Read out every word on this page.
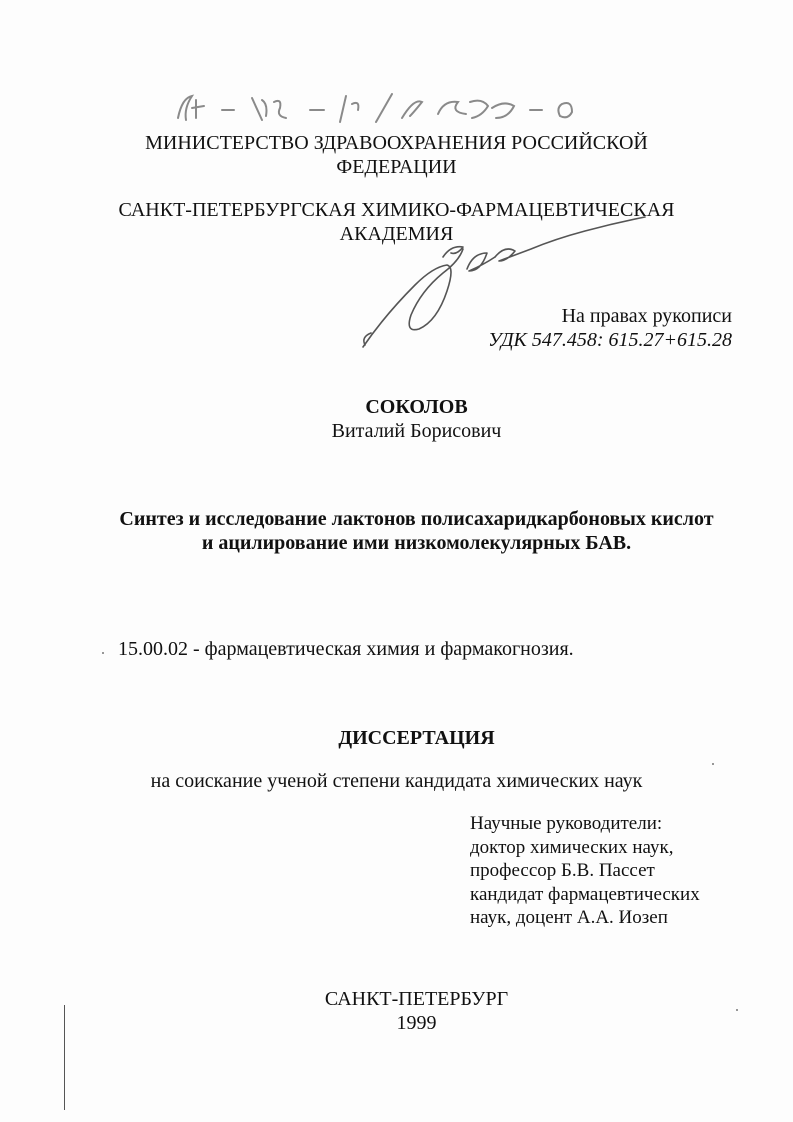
МИНИСТЕРСТВО ЗДРАВООХРАНЕНИЯ РОССИЙСКОЙ
ФЕДЕРАЦИИ
САНКТ-ПЕТЕРБУРГСКАЯ ХИМИКО-ФАРМАЦЕВТИЧЕСКАЯ
АКАДЕМИЯ
На правах рукописи
УДК 547.458: 615.27+615.28
СОКОЛОВ
Виталий Борисович
Синтез и исследование лактонов полисахаридкарбоновых кислот
и ацилирование ими низкомолекулярных БАВ.
15.00.02 - фармацевтическая химия и фармакогнозия.
ДИССЕРТАЦИЯ
на соискание ученой степени кандидата химических наук
Научные руководители:
доктор химических наук,
профессор Б.В. Пассет
кандидат фармацевтических
наук, доцент А.А. Иозеп
САНКТ-ПЕТЕРБУРГ
1999
